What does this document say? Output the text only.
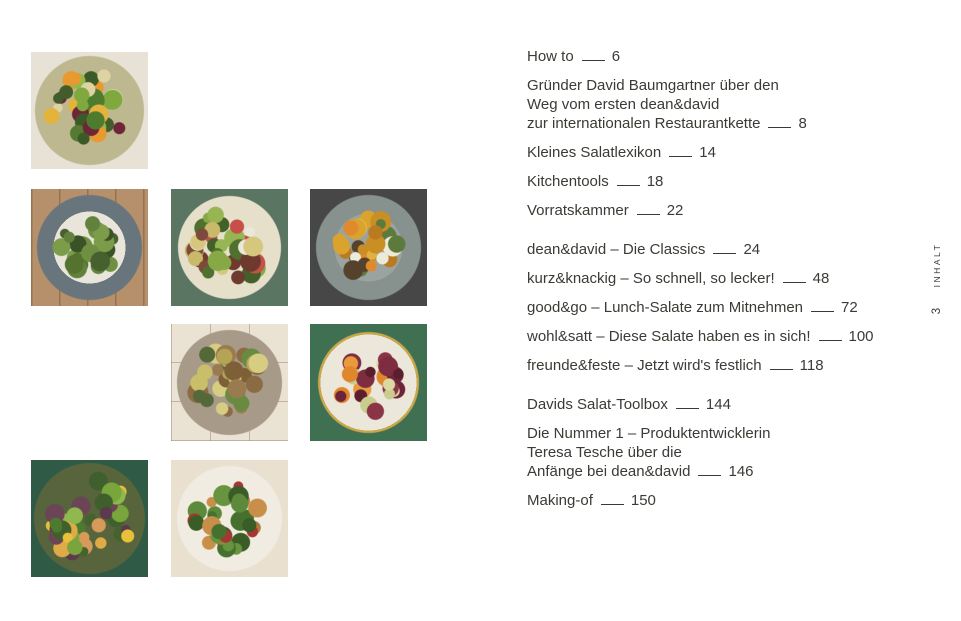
How to	6
Gründer David Baumgartner über den
Weg vom ersten dean&david
zur internationalen Restaurantkette	8
Kleines Salatlexikon	14
Kitchentools	18
Vorratskammer	22
dean&david – Die Classics	24
kurz&knackig – So schnell, so lecker!	48
good&go – Lunch-Salate zum Mitnehmen	72
wohl&satt – Diese Salate haben es in sich!	100
freunde&feste – Jetzt wird's festlich	118
Davids Salat-Toolbox	144
Die Nummer 1 – Produktentwicklerin
Teresa Tesche über die
Anfänge bei dean&david	146
Making-of	150
INHALT
3
